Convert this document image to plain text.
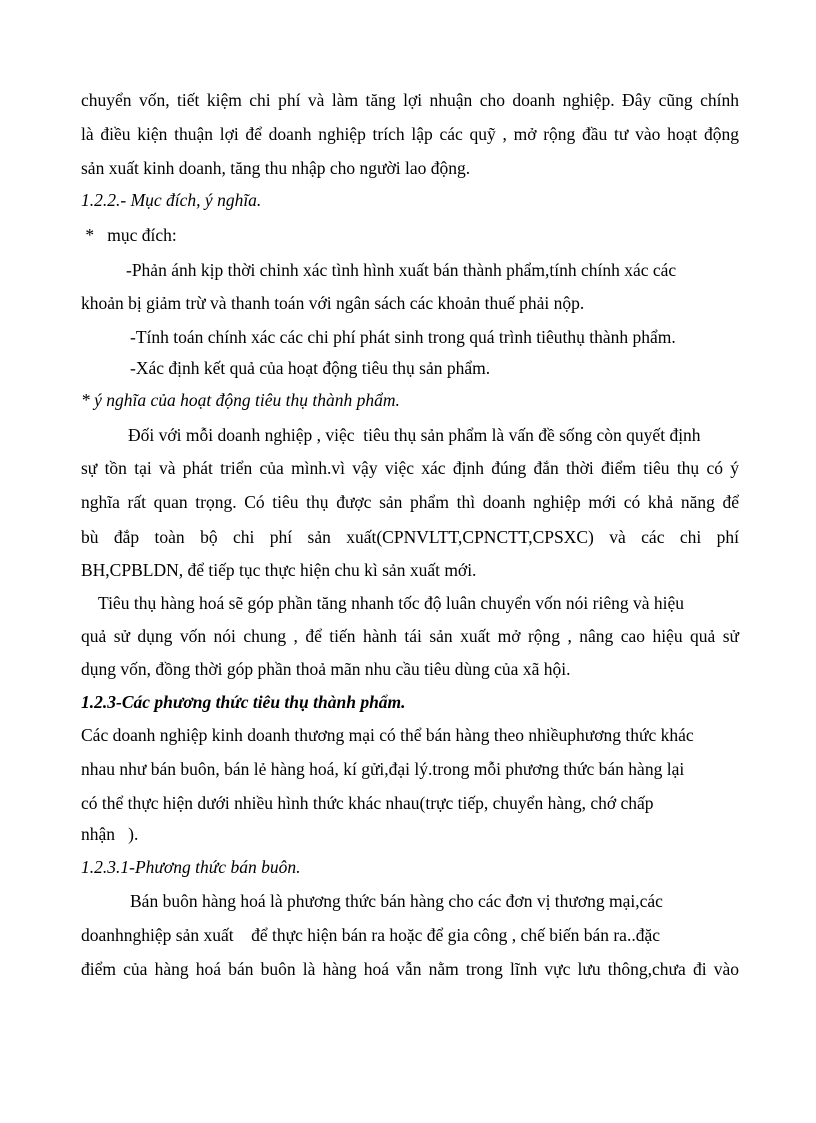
chuyển vốn, tiết kiệm chi phí và làm tăng lợi nhuận cho doanh nghiệp. Đây cũng chính
là điều kiện thuận lợi để doanh nghiệp trích lập các quỹ , mở rộng đầu tư vào hoạt động
sản xuất kinh doanh, tăng thu nhập cho người lao động.
1.2.2.- Mục đích, ý nghĩa.
*   mục đích:
-Phản ánh kịp thời chinh xác tình hình xuất bán thành phẩm,tính chính xác các
khoản bị giảm trừ và thanh toán với ngân sách các khoản thuế phải nộp.
-Tính toán chính xác các chi phí phát sinh trong quá trình tiêuthụ thành phẩm.
-Xác định kết quả của hoạt động tiêu thụ sản phẩm.
* ý nghĩa của hoạt động tiêu thụ thành phẩm.
Đối với mỗi doanh nghiệp , việc  tiêu thụ sản phẩm là vấn đề sống còn quyết định
sự tồn tại và phát triển của mình.vì vậy việc xác định đúng đắn thời điểm tiêu thụ có ý
nghĩa rất quan trọng. Có tiêu thụ được sản phẩm thì doanh nghiệp mới có khả năng để
bù đắp toàn bộ chi phí sản xuất(CPNVLTT,CPNCTT,CPSXC) và các chi phí
BH,CPBLDN, để tiếp tục thực hiện chu kì sản xuất mới.
Tiêu thụ hàng hoá sẽ góp phần tăng nhanh tốc độ luân chuyển vốn nói riêng và hiệu
quả sử dụng vốn nói chung , để tiến hành tái sản xuất mở rộng , nâng cao hiệu quả sử
dụng vốn, đồng thời góp phần thoả mãn nhu cầu tiêu dùng của xã hội.
1.2.3-Các phương thức tiêu thụ thành phẩm.
Các doanh nghiệp kinh doanh thương mại có thể bán hàng theo nhiềuphương thức khác
nhau như bán buôn, bán lẻ hàng hoá, kí gửi,đại lý.trong mỗi phương thức bán hàng lại
có thể thực hiện dưới nhiều hình thức khác nhau(trực tiếp, chuyển hàng, chớ chấp
nhận   ).
1.2.3.1-Phương thức bán buôn.
Bán buôn hàng hoá là phương thức bán hàng cho các đơn vị thương mại,các
doanhnghiệp sản xuất    để thực hiện bán ra hoặc để gia công , chế biến bán ra..đặc
điểm của hàng hoá bán buôn là hàng hoá vẫn nằm trong lĩnh vực lưu thông,chưa đi vào
